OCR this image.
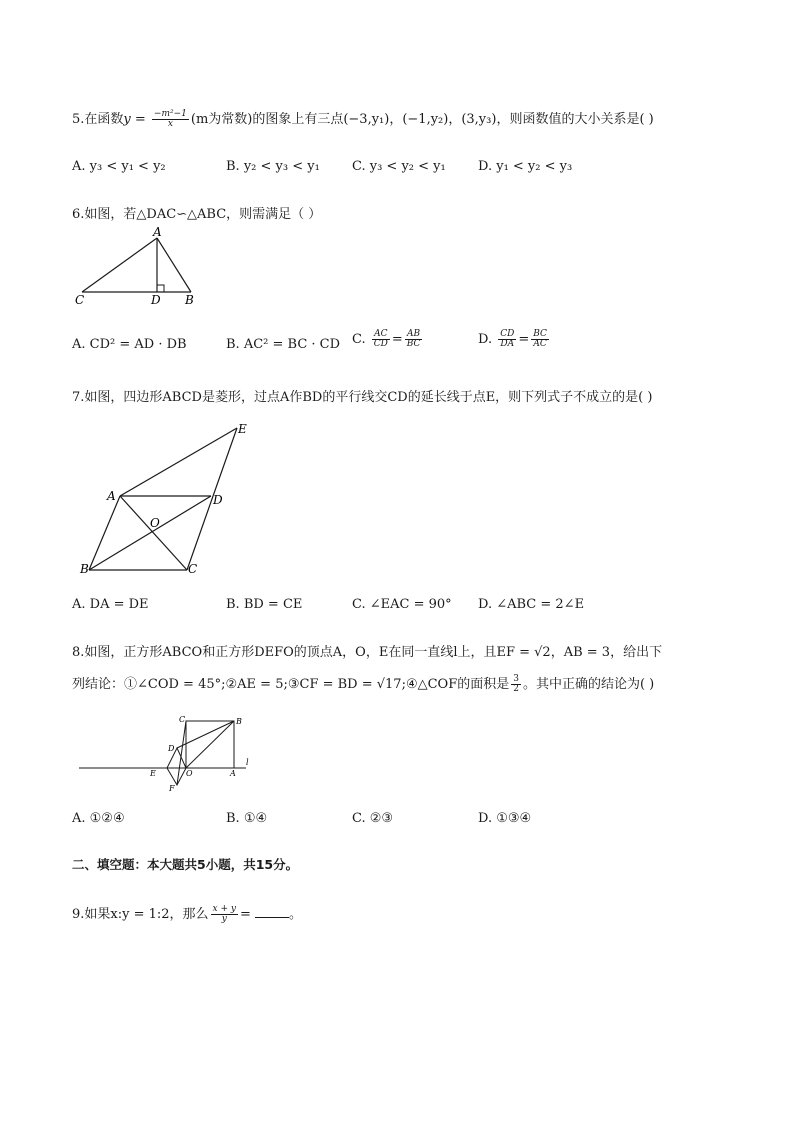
5.在函数$y = \frac{\text{−m²−1}}{x} (m$为常数)的图象上有三点(−3,y₁)，(−1,y₂)，(3,y₃)，则函数值的大小关系是( )
A. y₃ < y₁ < y₂	B. y₂ < y₃ < y₁ C. y₃ < y₂ < y₁ D. y₁ < y₂ < y₃
6.如图，若△DAC∽△ABC，则需满足（ ）
A
C	D B
A. CD² = AD · DB	B. AC² = BC · CD C. $\frac{AC}{CD} = \frac{AB}{BC}$	D. $\frac{CD}{DA} = \frac{BC}{AC}$
7.如图，四边形ABCD是菱形，过点A作BD的平行线交CD的延长线于点E，则下列式子不成立的是( )
E
A	D
O
B	C
A. DA = DE	B. BD = CE	C. ∠EAC = 90° D. ∠ABC = 2∠E
8.如图，正方形ABCO和正方形DEFO的顶点A，O，E在同一直线l上，且EF = √2，AB = 3，给出下
列结论：①∠COD = 45°;②AE = 5;③CF = BD = √17;④△COF的面积是 $\frac{3}{2}$ 。其中正确的结论为( )
C	B
D
E	O	A
l
F
A. ①②④	B. ①④	C. ②③	D. ①③④
二、填空题：本大题共5小题，共15分。
9.如果x:y = 1:2，那么 $\frac{x + y}{y}$ =	。
